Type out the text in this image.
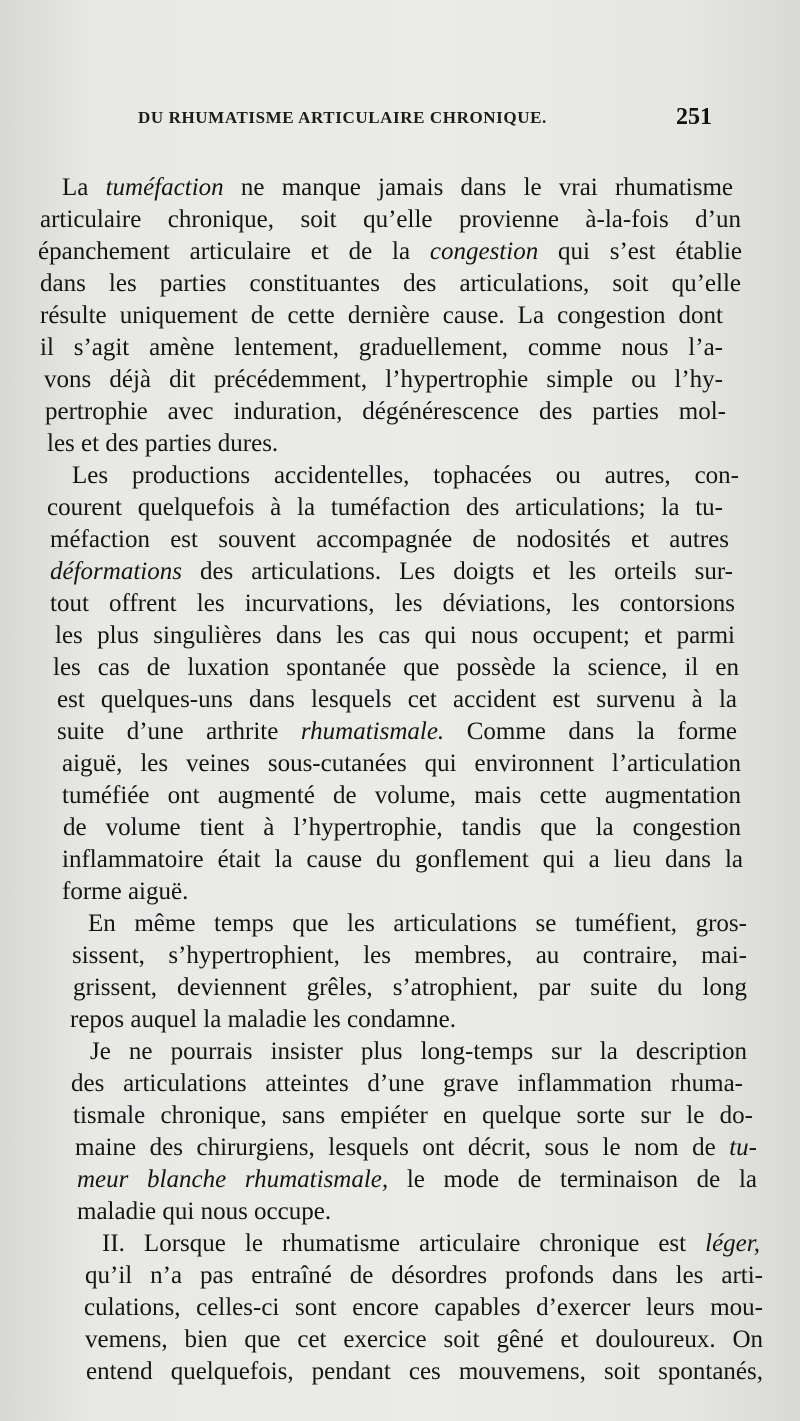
DU RHUMATISME ARTICULAIRE CHRONIQUE.	251
La tuméfaction ne manque jamais dans le vrai rhumatisme
articulaire chronique, soit qu’elle provienne à-la-fois d’un
épanchement articulaire et de la congestion qui s’est établie
dans les parties constituantes des articulations, soit qu’elle
résulte uniquement de cette dernière cause. La congestion dont
il s’agit amène lentement, graduellement, comme nous l’a-
vons déjà dit précédemment, l’hypertrophie simple ou l’hy-
pertrophie avec induration, dégénérescence des parties mol-
les et des parties dures.
Les productions accidentelles, tophacées ou autres, con-
courent quelquefois à la tuméfaction des articulations; la tu-
méfaction est souvent accompagnée de nodosités et autres
déformations des articulations. Les doigts et les orteils sur-
tout offrent les incurvations, les déviations, les contorsions
les plus singulières dans les cas qui nous occupent; et parmi
les cas de luxation spontanée que possède la science, il en
est quelques-uns dans lesquels cet accident est survenu à la
suite d’une arthrite rhumatismale. Comme dans la forme
aiguë, les veines sous-cutanées qui environnent l’articulation
tuméfiée ont augmenté de volume, mais cette augmentation
de volume tient à l’hypertrophie, tandis que la congestion
inflammatoire était la cause du gonflement qui a lieu dans la
forme aiguë.
En même temps que les articulations se tuméfient, gros-
sissent, s’hypertrophient, les membres, au contraire, mai-
grissent, deviennent grêles, s’atrophient, par suite du long
repos auquel la maladie les condamne.
Je ne pourrais insister plus long-temps sur la description
des articulations atteintes d’une grave inflammation rhuma-
tismale chronique, sans empiéter en quelque sorte sur le do-
maine des chirurgiens, lesquels ont décrit, sous le nom de tu-
meur blanche rhumatismale, le mode de terminaison de la
maladie qui nous occupe.
II. Lorsque le rhumatisme articulaire chronique est léger,
qu’il n’a pas entraîné de désordres profonds dans les arti-
culations, celles-ci sont encore capables d’exercer leurs mou-
vemens, bien que cet exercice soit gêné et douloureux. On
entend quelquefois, pendant ces mouvemens, soit spontanés,
